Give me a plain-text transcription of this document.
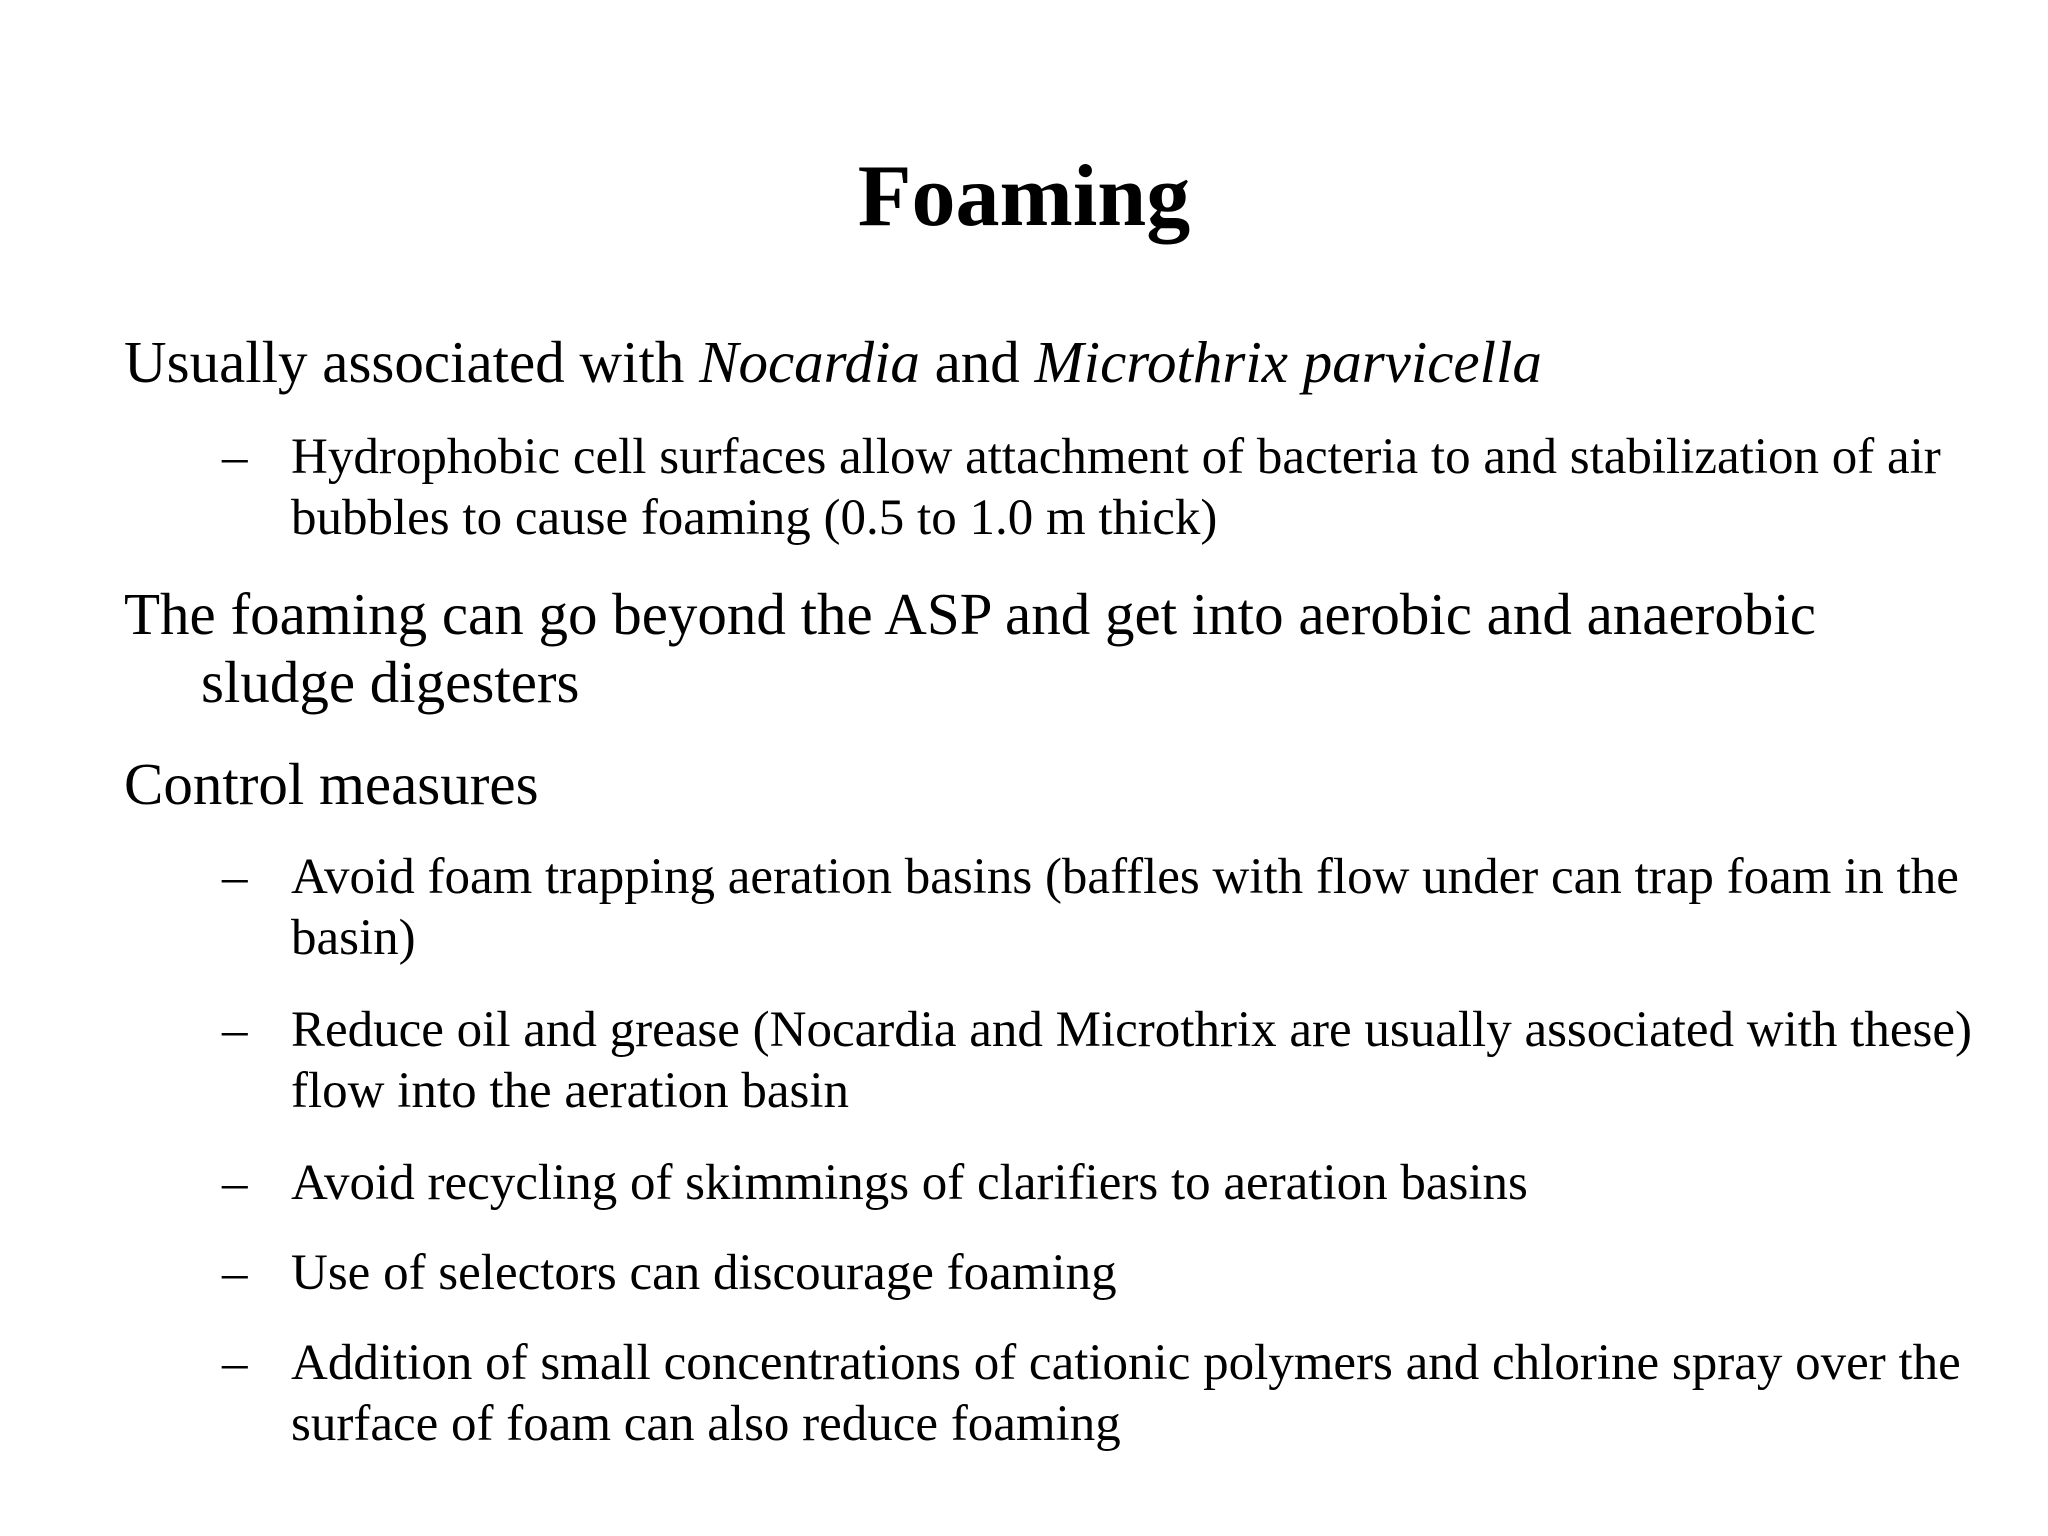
Foaming

Usually associated with Nocardia and Microthrix parvicella

– Hydrophobic cell surfaces allow attachment of bacteria to and stabilization of air bubbles to cause foaming (0.5 to 1.0 m thick)

The foaming can go beyond the ASP and get into aerobic and anaerobic sludge digesters

Control measures

– Avoid foam trapping aeration basins (baffles with flow under can trap foam in the basin)
– Reduce oil and grease (Nocardia and Microthrix are usually associated with these) flow into the aeration basin
– Avoid recycling of skimmings of clarifiers to aeration basins
– Use of selectors can discourage foaming
– Addition of small concentrations of cationic polymers and chlorine spray over the surface of foam can also reduce foaming
